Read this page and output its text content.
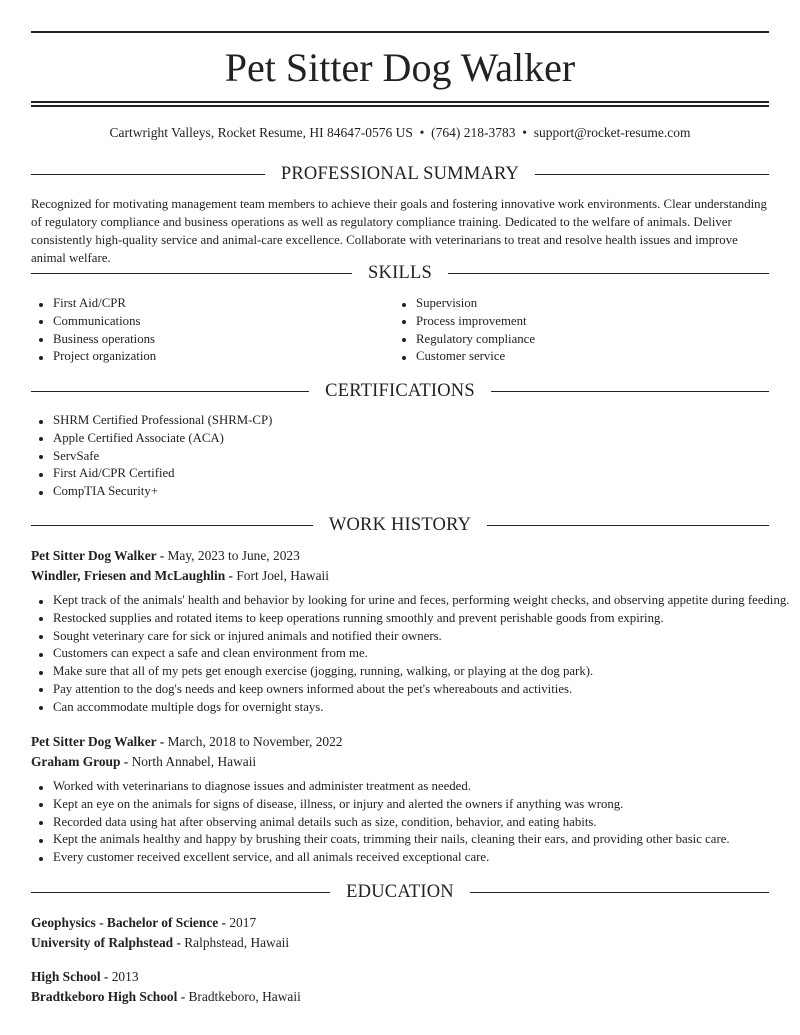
Pet Sitter Dog Walker
Cartwright Valleys, Rocket Resume, HI 84647-0576 US • (764) 218-3783 • support@rocket-resume.com
PROFESSIONAL SUMMARY

Recognized for motivating management team members to achieve their goals and fostering innovative work environments. Clear understanding of regulatory compliance and business operations as well as regulatory compliance training. Dedicated to the welfare of animals. Deliver consistently high-quality service and animal-care excellence. Collaborate with veterinarians to treat and resolve health issues and improve animal welfare.

SKILLS
First Aid/CPR
Communications
Business operations
Project organization
Supervision
Process improvement
Regulatory compliance
Customer service
CERTIFICATIONS
SHRM Certified Professional (SHRM-CP)
Apple Certified Associate (ACA)
ServSafe
First Aid/CPR Certified
CompTIA Security+
WORK HISTORY
Pet Sitter Dog Walker - May, 2023 to June, 2023
Windler, Friesen and McLaughlin - Fort Joel, Hawaii
Kept track of the animals' health and behavior by looking for urine and feces, performing weight checks, and observing appetite during feeding.
Restocked supplies and rotated items to keep operations running smoothly and prevent perishable goods from expiring.
Sought veterinary care for sick or injured animals and notified their owners.
Customers can expect a safe and clean environment from me.
Make sure that all of my pets get enough exercise (jogging, running, walking, or playing at the dog park).
Pay attention to the dog's needs and keep owners informed about the pet's whereabouts and activities.
Can accommodate multiple dogs for overnight stays.
Pet Sitter Dog Walker - March, 2018 to November, 2022
Graham Group - North Annabel, Hawaii
Worked with veterinarians to diagnose issues and administer treatment as needed.
Kept an eye on the animals for signs of disease, illness, or injury and alerted the owners if anything was wrong.
Recorded data using hat after observing animal details such as size, condition, behavior, and eating habits.
Kept the animals healthy and happy by brushing their coats, trimming their nails, cleaning their ears, and providing other basic care.
Every customer received excellent service, and all animals received exceptional care.
EDUCATION
Geophysics - Bachelor of Science - 2017
University of Ralphstead - Ralphstead, Hawaii
High School - 2013
Bradtkeboro High School - Bradtkeboro, Hawaii
